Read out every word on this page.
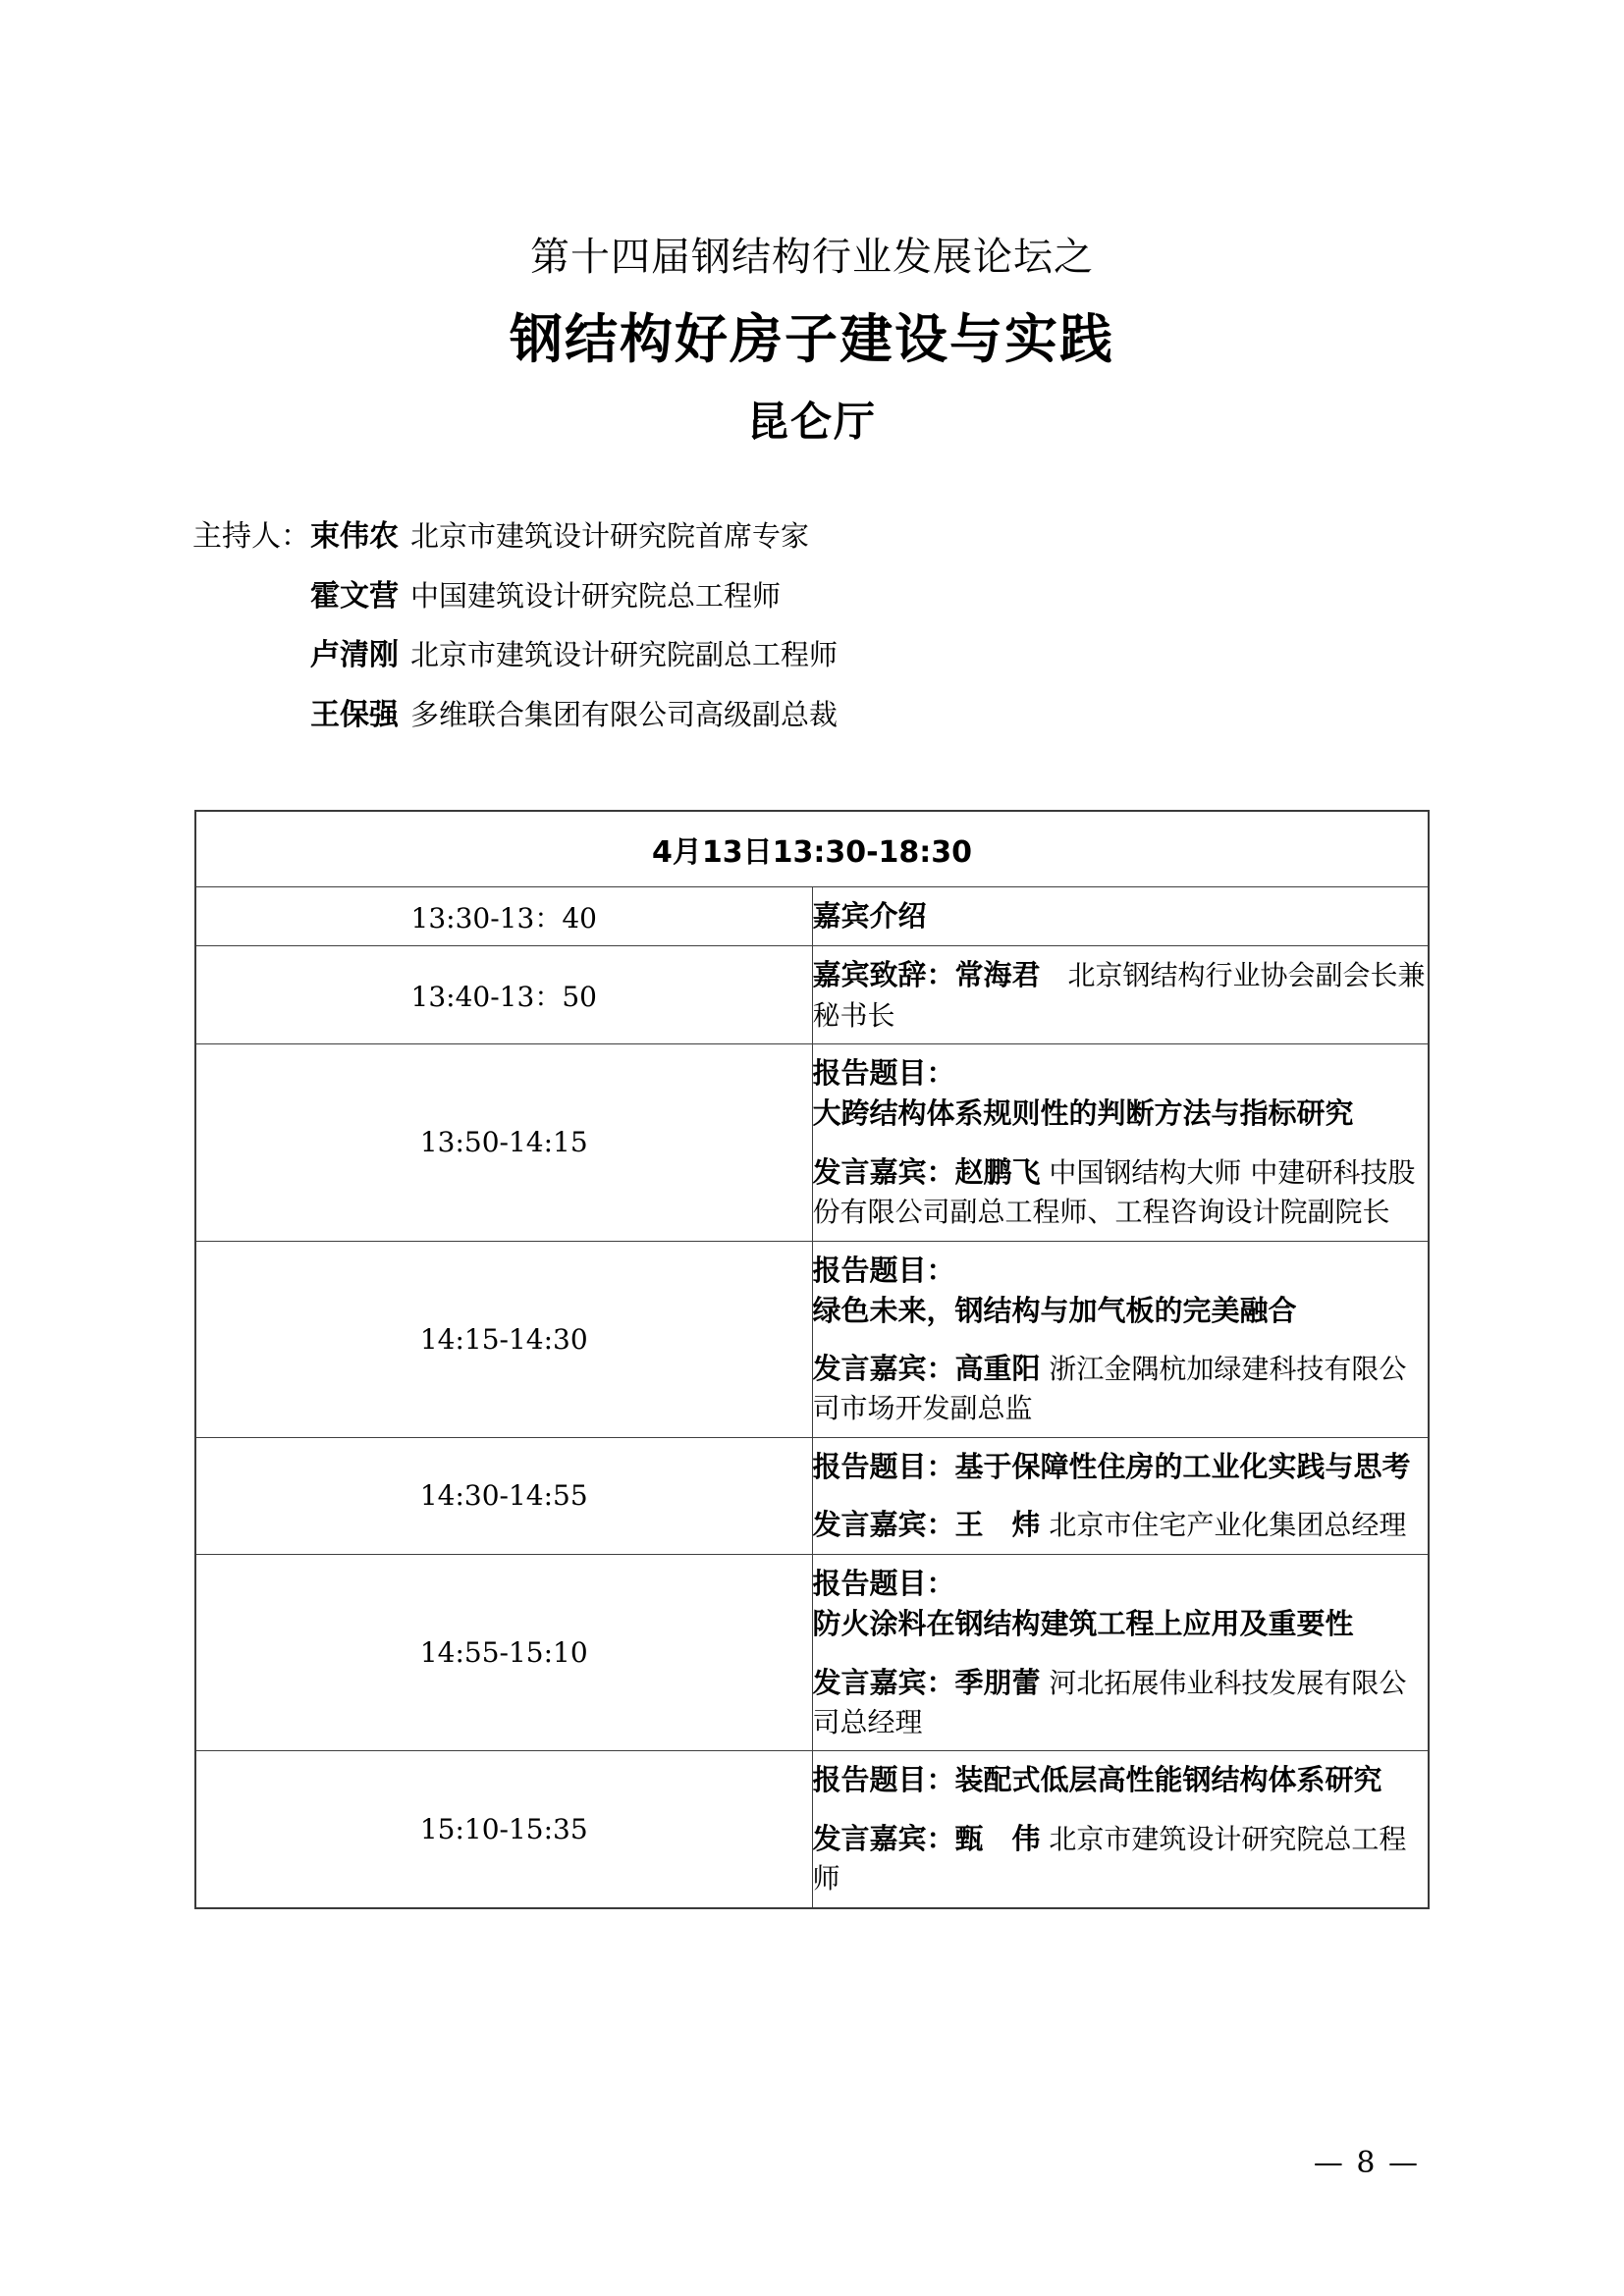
第十四届钢结构行业发展论坛之
钢结构好房子建设与实践
昆仑厅
主持人： 束伟农 北京市建筑设计研究院首席专家
霍文营 中国建筑设计研究院总工程师
卢清刚 北京市建筑设计研究院副总工程师
王保强 多维联合集团有限公司高级副总裁
4月13日13:30-18:30	
13:30-13：40	嘉宾介绍

13:40-13：50	嘉宾致辞：常海君　北京钢结构行业协会副会长兼秘书长

13:50-14:15	报告题目：大跨结构体系规则性的判断方法与指标研究
发言嘉宾：赵鹏飞 中国钢结构大师 中建研科技股份有限公司副总工程师、工程咨询设计院副院长

14:15-14:30	报告题目：绿色未来，钢结构与加气板的完美融合
发言嘉宾：高重阳 浙江金隅杭加绿建科技有限公司市场开发副总监

14:30-14:55	报告题目：基于保障性住房的工业化实践与思考
发言嘉宾：王　炜 北京市住宅产业化集团总经理

14:55-15:10	报告题目：防火涂料在钢结构建筑工程上应用及重要性
发言嘉宾：季朋蕾 河北拓展伟业科技发展有限公司总经理

15:10-15:35	报告题目：装配式低层高性能钢结构体系研究
发言嘉宾：甄　伟 北京市建筑设计研究院总工程师
— 8 —
